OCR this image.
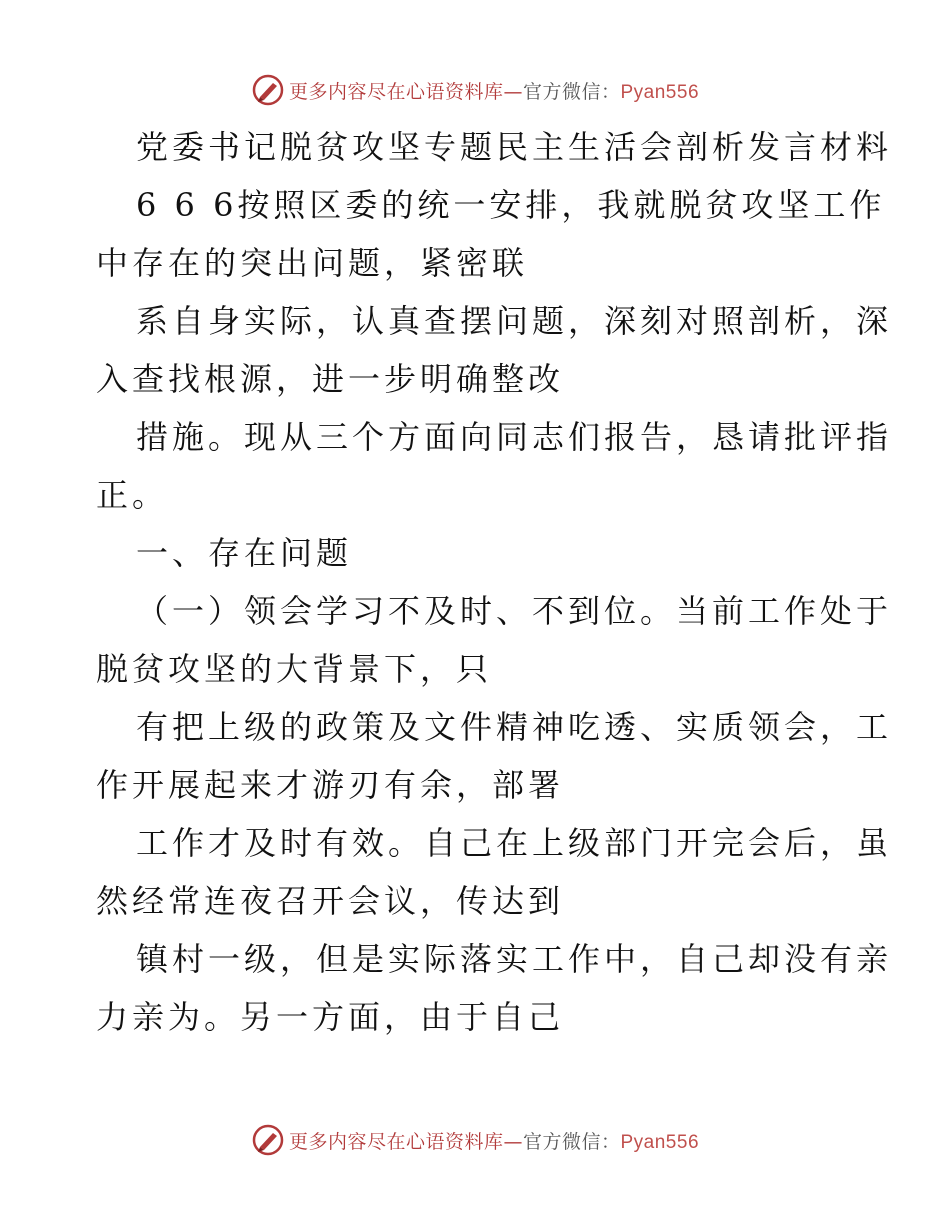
更多内容尽在心语资料库—官方微信：Pyan556
党委书记脱贫攻坚专题民主生活会剖析发言材料
6 6 6按照区委的统一安排，我就脱贫攻坚工作
中存在的突出问题，紧密联
系自身实际，认真查摆问题，深刻对照剖析，深
入查找根源，进一步明确整改
措施。现从三个方面向同志们报告，恳请批评指
正。
一、存在问题
（一）领会学习不及时、不到位。当前工作处于
脱贫攻坚的大背景下，只
有把上级的政策及文件精神吃透、实质领会，工
作开展起来才游刃有余，部署
工作才及时有效。自己在上级部门开完会后，虽
然经常连夜召开会议，传达到
镇村一级，但是实际落实工作中，自己却没有亲
力亲为。另一方面，由于自己
更多内容尽在心语资料库—官方微信：Pyan556
